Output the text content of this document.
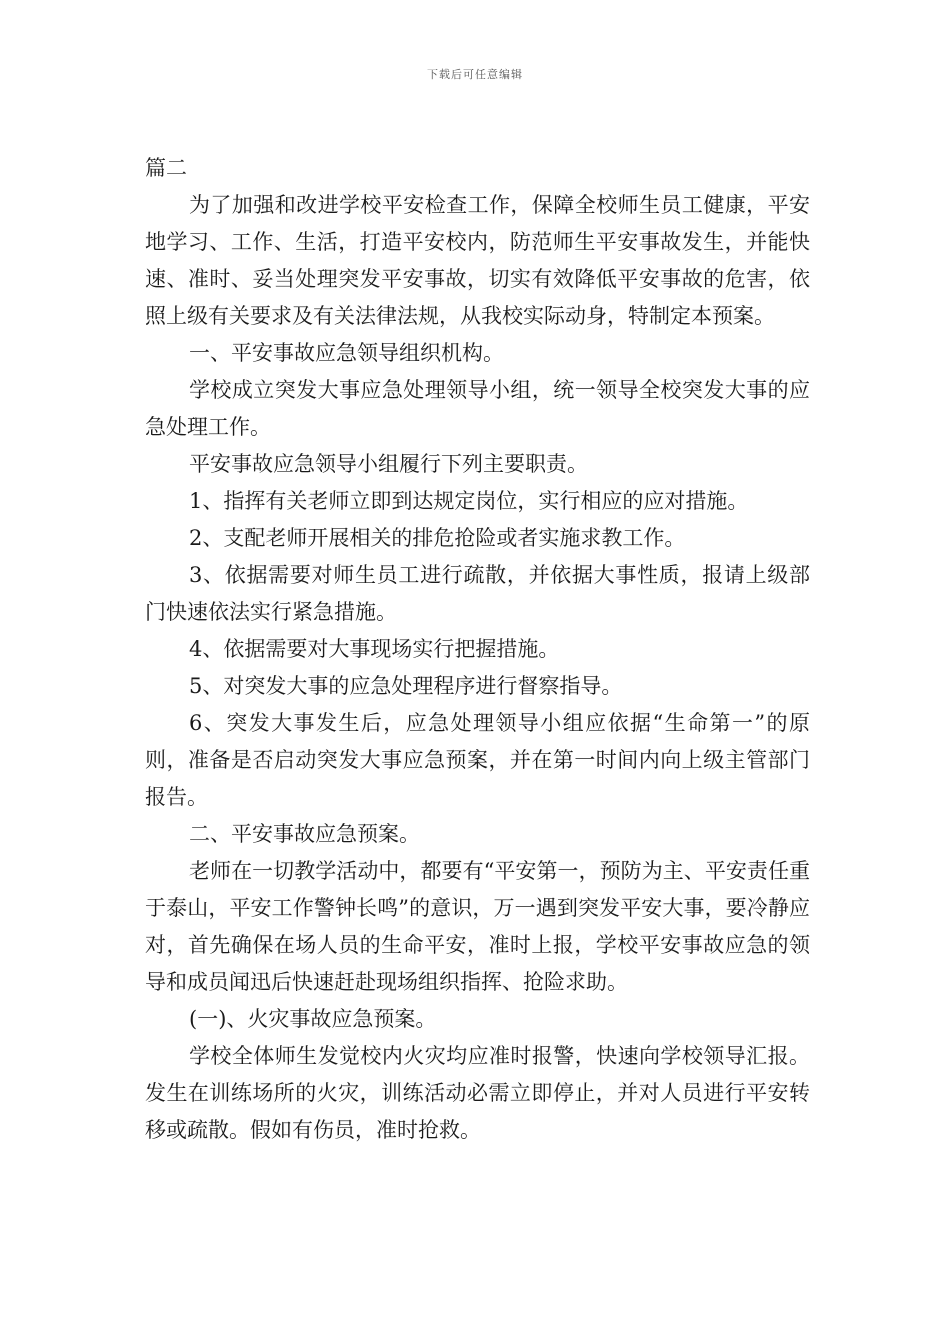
下载后可任意编辑

篇二

为了加强和改进学校平安检查工作，保障全校师生员工健康，平安地学习、工作、生活，打造平安校内，防范师生平安事故发生，并能快速、准时、妥当处理突发平安事故，切实有效降低平安事故的危害，依照上级有关要求及有关法律法规，从我校实际动身，特制定本预案。

一、平安事故应急领导组织机构。

学校成立突发大事应急处理领导小组，统一领导全校突发大事的应急处理工作。

平安事故应急领导小组履行下列主要职责。

1、指挥有关老师立即到达规定岗位，实行相应的应对措施。

2、支配老师开展相关的排危抢险或者实施求教工作。

3、依据需要对师生员工进行疏散，并依据大事性质，报请上级部门快速依法实行紧急措施。

4、依据需要对大事现场实行把握措施。

5、对突发大事的应急处理程序进行督察指导。

6、突发大事发生后，应急处理领导小组应依据“生命第一”的原则，准备是否启动突发大事应急预案，并在第一时间内向上级主管部门报告。

二、平安事故应急预案。

老师在一切教学活动中，都要有“平安第一，预防为主、平安责任重于泰山，平安工作警钟长鸣”的意识，万一遇到突发平安大事，要冷静应对，首先确保在场人员的生命平安，准时上报，学校平安事故应急的领导和成员闻迅后快速赶赴现场组织指挥、抢险求助。

(一)、火灾事故应急预案。

学校全体师生发觉校内火灾均应准时报警，快速向学校领导汇报。发生在训练场所的火灾，训练活动必需立即停止，并对人员进行平安转移或疏散。假如有伤员，准时抢救。
